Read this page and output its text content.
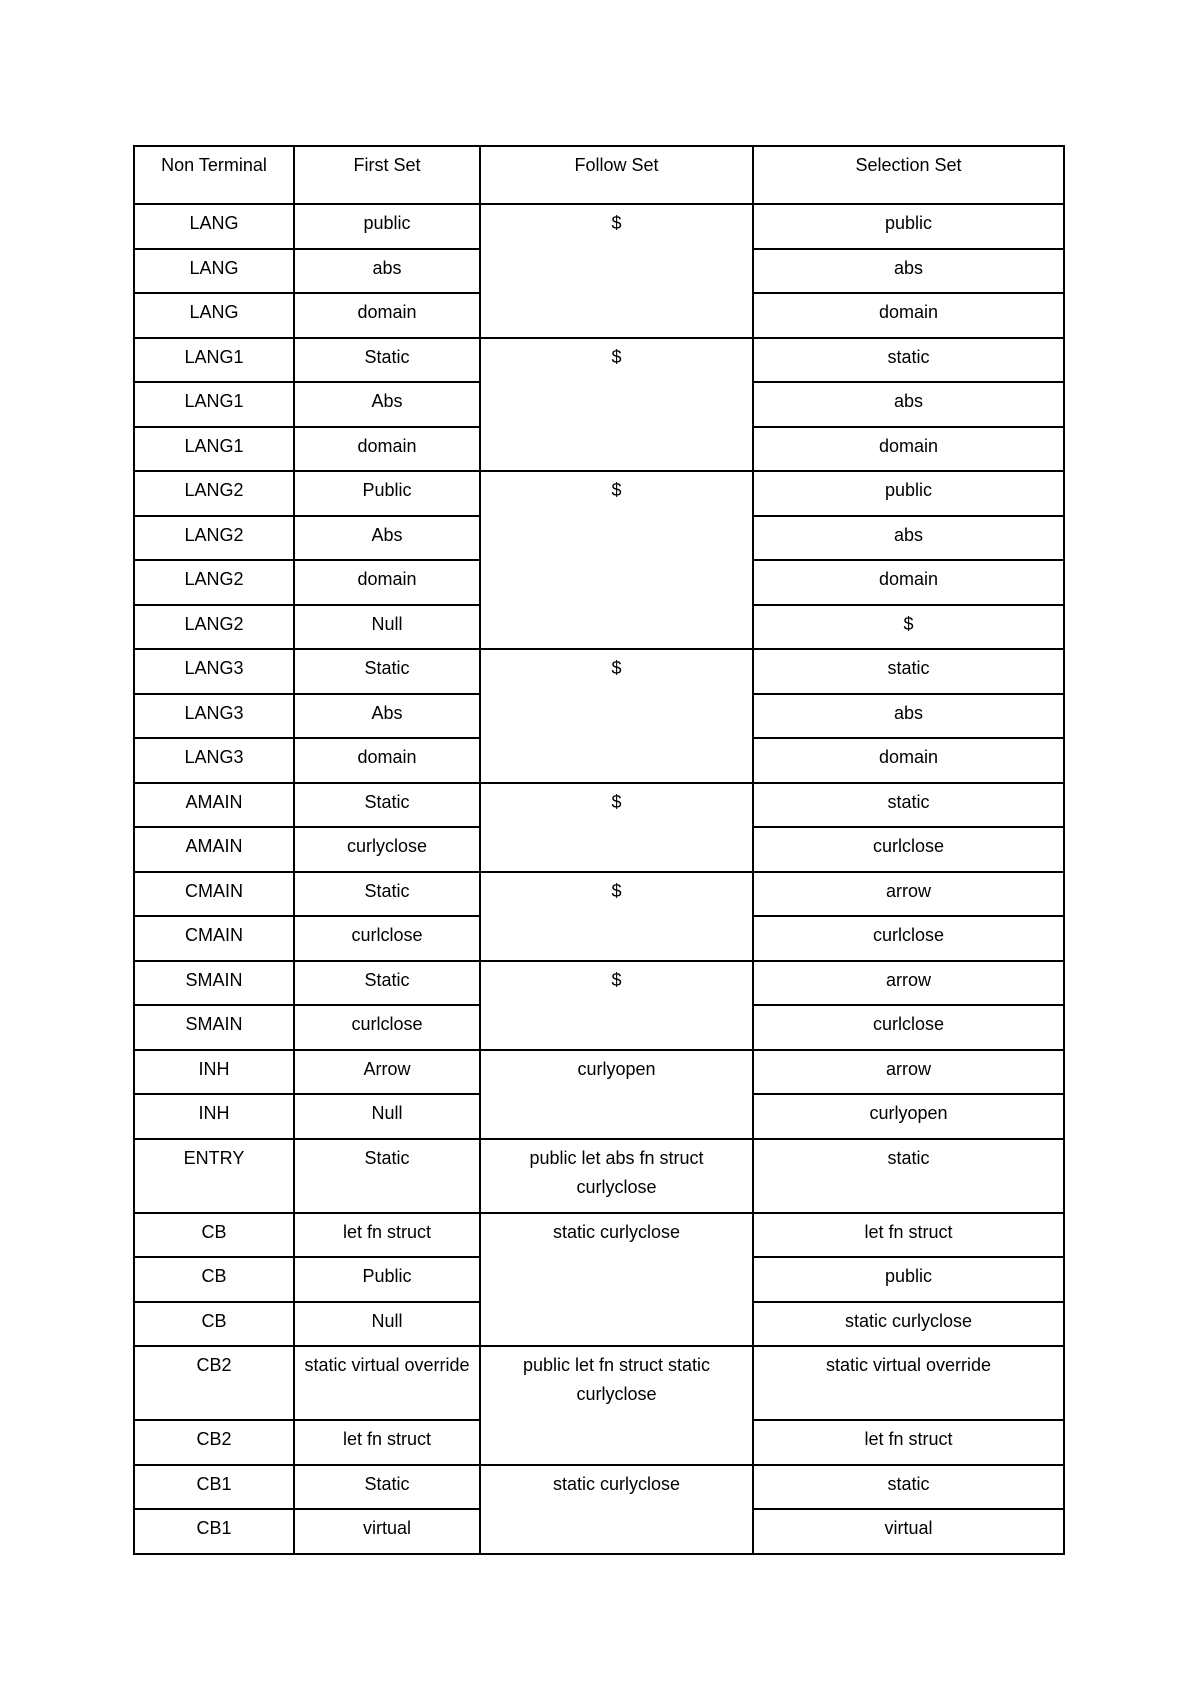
Non Terminal	First Set	Follow Set	Selection Set
LANG	public	$	public
LANG	abs		abs
LANG	domain		domain
LANG1	Static	$	static
LANG1	Abs		abs
LANG1	domain		domain
LANG2	Public	$	public
LANG2	Abs		abs
LANG2	domain		domain
LANG2	Null		$
LANG3	Static	$	static
LANG3	Abs		abs
LANG3	domain		domain
AMAIN	Static	$	static
AMAIN	curlyclose		curlclose
CMAIN	Static	$	arrow
CMAIN	curlclose		curlclose
SMAIN	Static	$	arrow
SMAIN	curlclose		curlclose
INH	Arrow	curlyopen	arrow
INH	Null		curlyopen
ENTRY	Static	public let abs fn struct curlyclose	static
CB	let fn struct	static curlyclose	let fn struct
CB	Public		public
CB	Null		static curlyclose
CB2	static virtual override	public let fn struct static curlyclose	static virtual override
CB2	let fn struct		let fn struct
CB1	Static	static curlyclose	static
CB1	virtual		virtual
